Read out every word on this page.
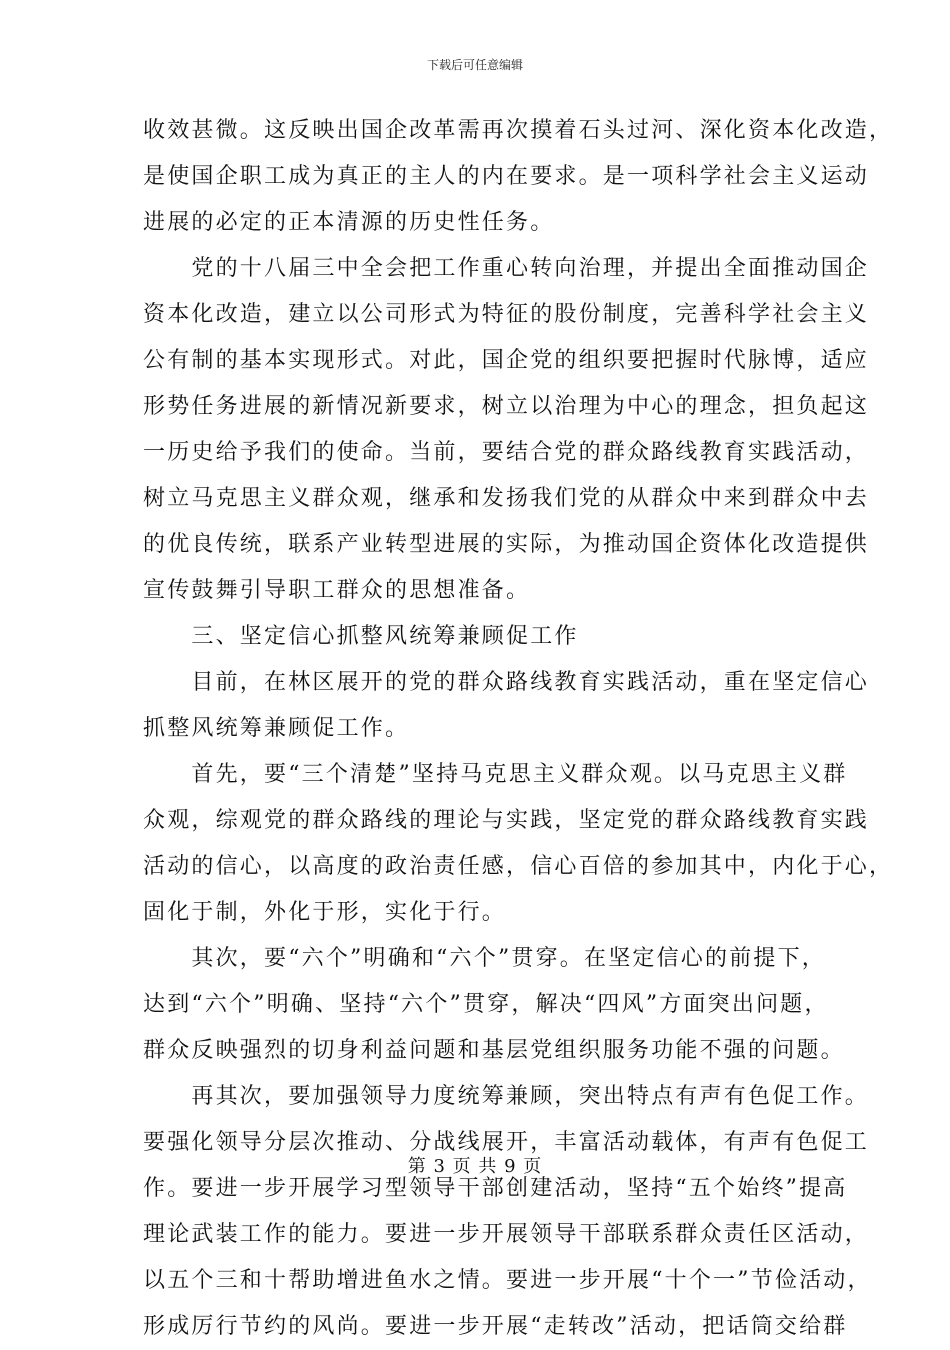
下载后可任意编辑
收效甚微。这反映出国企改革需再次摸着石头过河、深化资本化改造，
是使国企职工成为真正的主人的内在要求。是一项科学社会主义运动
进展的必定的正本清源的历史性任务。
　　党的十八届三中全会把工作重心转向治理，并提出全面推动国企
资本化改造，建立以公司形式为特征的股份制度，完善科学社会主义
公有制的基本实现形式。对此，国企党的组织要把握时代脉博，适应
形势任务进展的新情况新要求，树立以治理为中心的理念，担负起这
一历史给予我们的使命。当前，要结合党的群众路线教育实践活动，
树立马克思主义群众观，继承和发扬我们党的从群众中来到群众中去
的优良传统，联系产业转型进展的实际，为推动国企资体化改造提供
宣传鼓舞引导职工群众的思想准备。
　　三、坚定信心抓整风统筹兼顾促工作
　　目前，在林区展开的党的群众路线教育实践活动，重在坚定信心
抓整风统筹兼顾促工作。
　　首先，要“三个清楚”坚持马克思主义群众观。以马克思主义群
众观，综观党的群众路线的理论与实践，坚定党的群众路线教育实践
活动的信心，以高度的政治责任感，信心百倍的参加其中，内化于心，
固化于制，外化于形，实化于行。
　　其次，要“六个”明确和“六个”贯穿。在坚定信心的前提下，
达到“六个”明确、坚持“六个”贯穿，解决“四风”方面突出问题，
群众反映强烈的切身利益问题和基层党组织服务功能不强的问题。
　　再其次，要加强领导力度统筹兼顾，突出特点有声有色促工作。
要强化领导分层次推动、分战线展开，丰富活动载体，有声有色促工
作。要进一步开展学习型领导干部创建活动，坚持“五个始终”提高
理论武装工作的能力。要进一步开展领导干部联系群众责任区活动，
以五个三和十帮助增进鱼水之情。要进一步开展“十个一”节俭活动，
形成厉行节约的风尚。要进一步开展“走转改”活动，把话筒交给群
第 3 页 共 9 页
